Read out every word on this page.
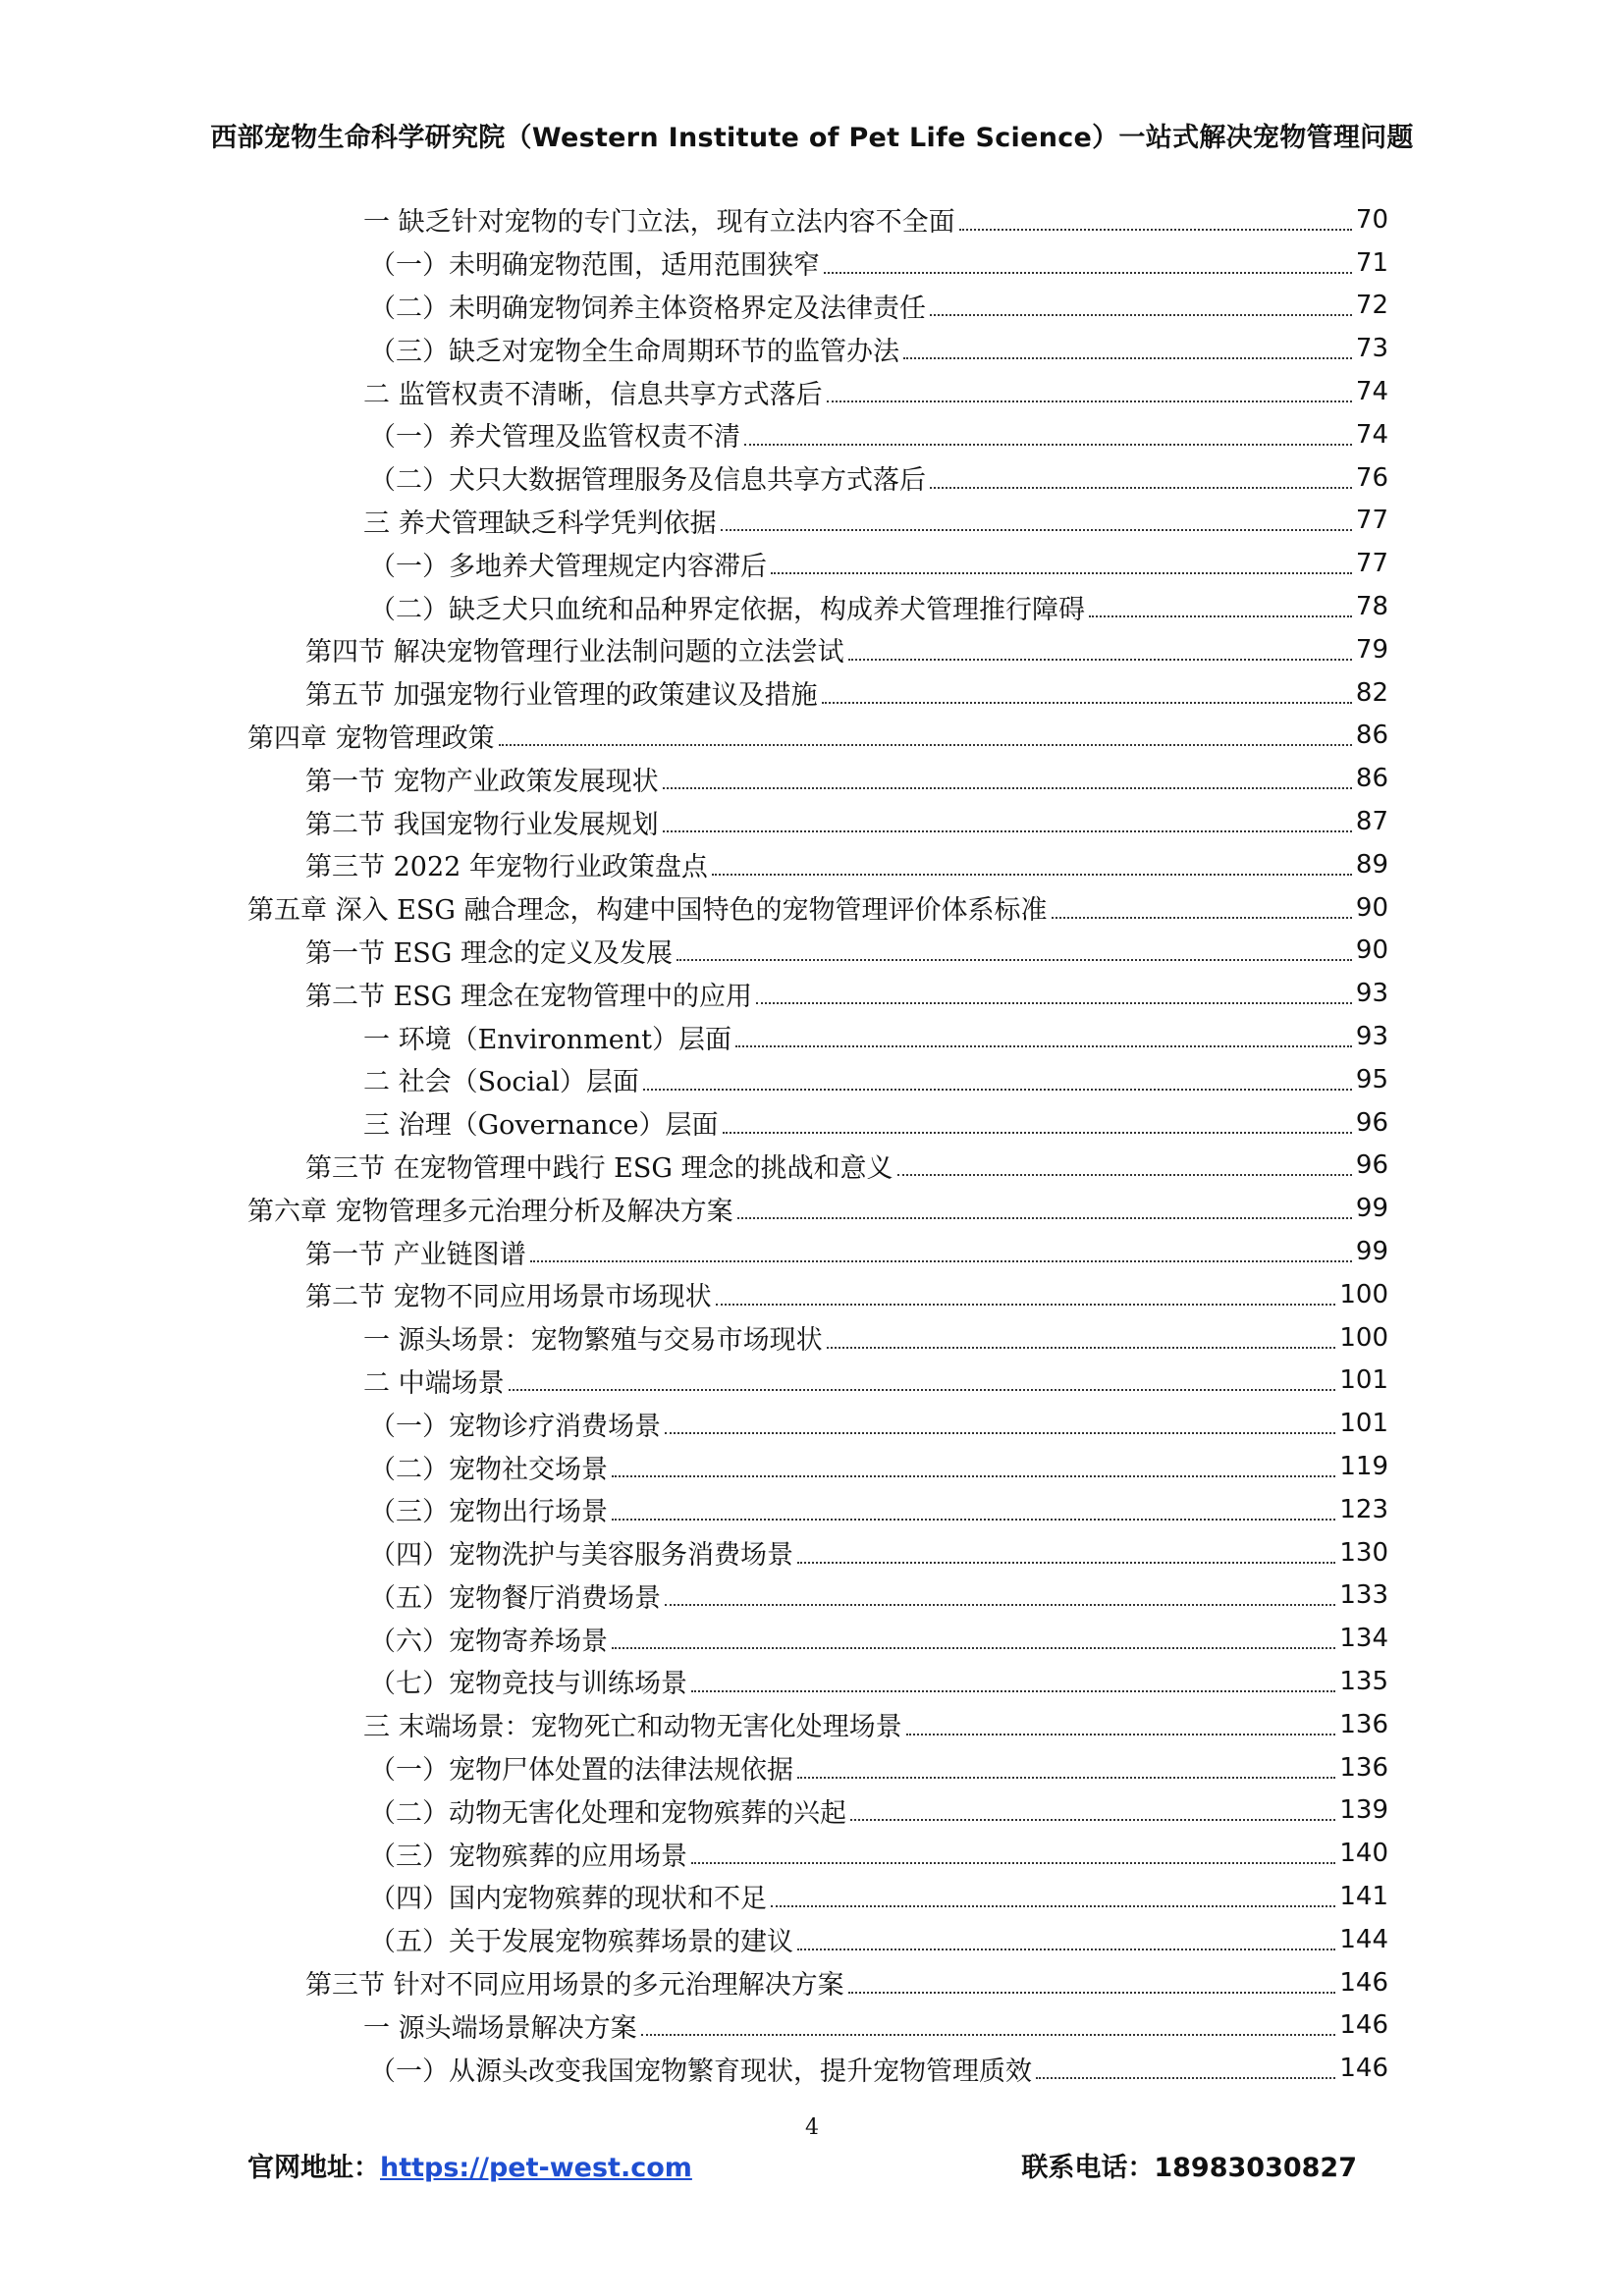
西部宠物生命科学研究院（Western Institute of Pet Life Science）一站式解决宠物管理问题
一 缺乏针对宠物的专门立法，现有立法内容不全面	70
（一）未明确宠物范围，适用范围狭窄	71
（二）未明确宠物饲养主体资格界定及法律责任	72
（三）缺乏对宠物全生命周期环节的监管办法	73
二 监管权责不清晰，信息共享方式落后	74
（一）养犬管理及监管权责不清	74
（二）犬只大数据管理服务及信息共享方式落后	76
三 养犬管理缺乏科学凭判依据	77
（一）多地养犬管理规定内容滞后	77
（二）缺乏犬只血统和品种界定依据，构成养犬管理推行障碍	78
第四节 解决宠物管理行业法制问题的立法尝试	79
第五节 加强宠物行业管理的政策建议及措施	82
第四章 宠物管理政策	86
第一节 宠物产业政策发展现状	86
第二节 我国宠物行业发展规划	87
第三节 2022 年宠物行业政策盘点	89
第五章 深入 ESG 融合理念，构建中国特色的宠物管理评价体系标准	90
第一节 ESG 理念的定义及发展	90
第二节 ESG 理念在宠物管理中的应用	93
一 环境（Environment）层面	93
二 社会（Social）层面	95
三 治理（Governance）层面	96
第三节 在宠物管理中践行 ESG 理念的挑战和意义	96
第六章 宠物管理多元治理分析及解决方案	99
第一节 产业链图谱	99
第二节 宠物不同应用场景市场现状	100
一 源头场景：宠物繁殖与交易市场现状	100
二 中端场景	101
（一）宠物诊疗消费场景	101
（二）宠物社交场景	119
（三）宠物出行场景	123
（四）宠物洗护与美容服务消费场景	130
（五）宠物餐厅消费场景	133
（六）宠物寄养场景	134
（七）宠物竞技与训练场景	135
三 末端场景：宠物死亡和动物无害化处理场景	136
（一）宠物尸体处置的法律法规依据	136
（二）动物无害化处理和宠物殡葬的兴起	139
（三）宠物殡葬的应用场景	140
（四）国内宠物殡葬的现状和不足	141
（五）关于发展宠物殡葬场景的建议	144
第三节 针对不同应用场景的多元治理解决方案	146
一 源头端场景解决方案	146
（一）从源头改变我国宠物繁育现状，提升宠物管理质效	146
4
官网地址：https://pet-west.com	联系电话：18983030827
